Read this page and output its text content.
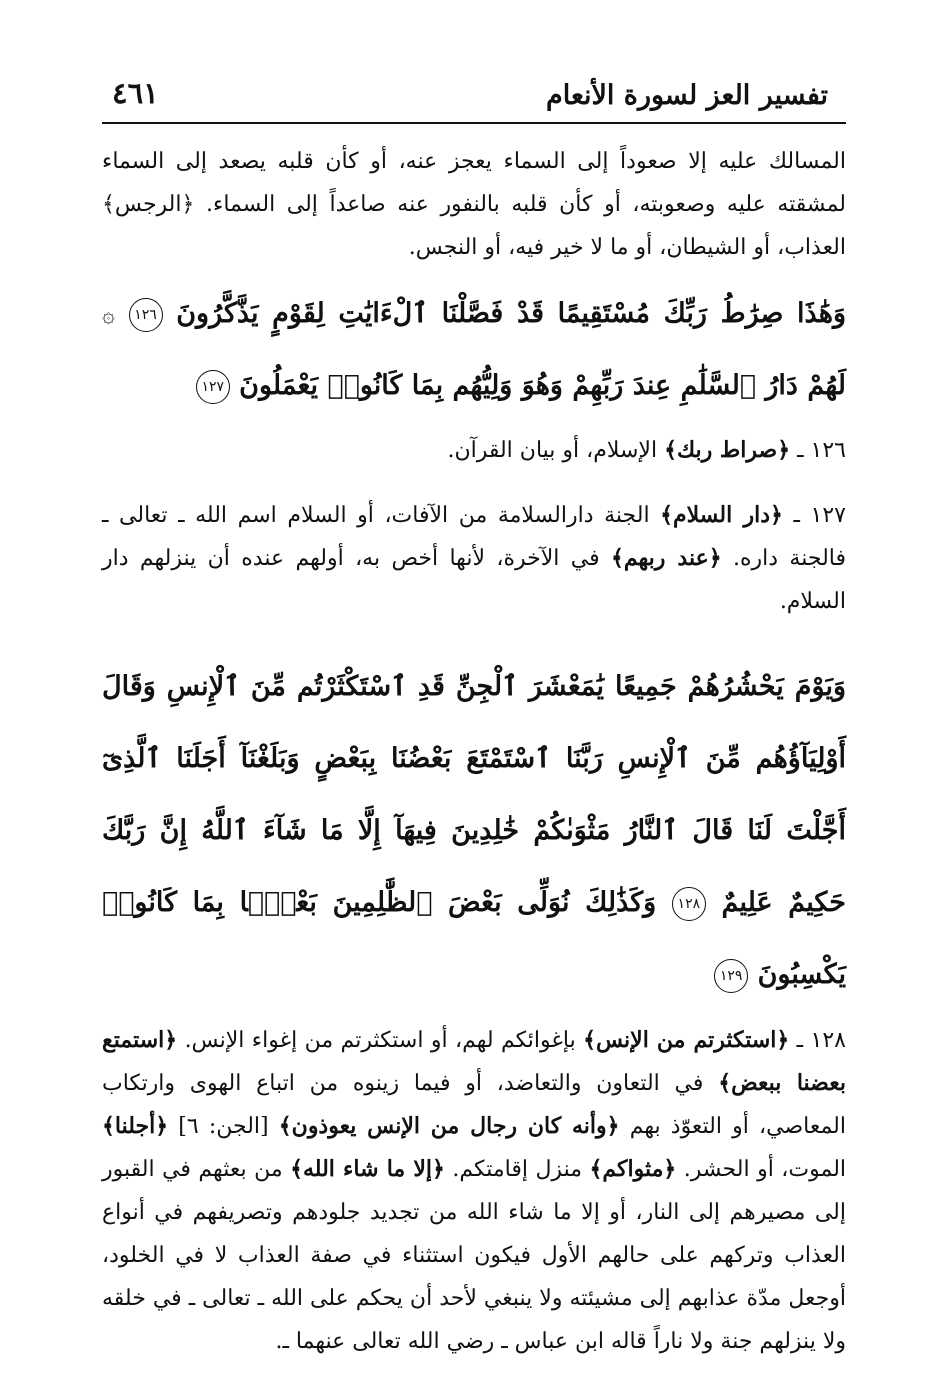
تفسير العز لسورة الأنعام
٤٦١

المسالك عليه إلا صعوداً إلى السماء يعجز عنه، أو كأن قلبه يصعد إلى السماء لمشقته عليه وصعوبته، أو كأن قلبه بالنفور عنه صاعداً إلى السماء. ﴿الرجس﴾ العذاب، أو الشيطان، أو ما لا خير فيه، أو النجس.

وَهَٰذَا صِرَٰطُ رَبِّكَ مُسْتَقِيمًا قَدْ فَصَّلْنَا ٱلْءَايَٰتِ لِقَوْمٍ يَذَّكَّرُونَ ١٢٦ ۞ لَهُمْ دَارُ ٱلسَّلَٰمِ عِندَ رَبِّهِمْ وَهُوَ وَلِيُّهُم بِمَا كَانُوا۟ يَعْمَلُونَ ١٢٧

١٢٦ ـ ﴿صراط ربك﴾ الإسلام، أو بيان القرآن.

١٢٧ ـ ﴿دار السلام﴾ الجنة دارالسلامة من الآفات، أو السلام اسم الله ـ تعالى ـ فالجنة داره. ﴿عند ربهم﴾ في الآخرة، لأنها أخص به، أولهم عنده أن ينزلهم دار السلام.

وَيَوْمَ يَحْشُرُهُمْ جَمِيعًا يَٰمَعْشَرَ ٱلْجِنِّ قَدِ ٱسْتَكْثَرْتُم مِّنَ ٱلْإِنسِ وَقَالَ أَوْلِيَآؤُهُم مِّنَ ٱلْإِنسِ رَبَّنَا ٱسْتَمْتَعَ بَعْضُنَا بِبَعْضٍ وَبَلَغْنَآ أَجَلَنَا ٱلَّذِىٓ أَجَّلْتَ لَنَا قَالَ ٱلنَّارُ مَثْوَىٰكُمْ خَٰلِدِينَ فِيهَآ إِلَّا مَا شَآءَ ٱللَّهُ إِنَّ رَبَّكَ حَكِيمٌ عَلِيمٌ ١٢٨ وَكَذَٰلِكَ نُوَلِّى بَعْضَ ٱلظَّٰلِمِينَ بَعْضًۢا بِمَا كَانُوا۟ يَكْسِبُونَ ١٢٩

١٢٨ ـ ﴿استكثرتم من الإنس﴾ بإغوائكم لهم، أو استكثرتم من إغواء الإنس. ﴿استمتع بعضنا ببعض﴾ في التعاون والتعاضد، أو فيما زينوه من اتباع الهوى وارتكاب المعاصي، أو التعوّذ بهم ﴿وأنه كان رجال من الإنس يعوذون﴾ [الجن: ٦] ﴿أجلنا﴾ الموت، أو الحشر. ﴿مثواكم﴾ منزل إقامتكم. ﴿إلا ما شاء الله﴾ من بعثهم في القبور إلى مصيرهم إلى النار، أو إلا ما شاء الله من تجديد جلودهم وتصريفهم في أنواع العذاب وتركهم على حالهم الأول فيكون استثناء في صفة العذاب لا في الخلود، أوجعل مدّة عذابهم إلى مشيئته ولا ينبغي لأحد أن يحكم على الله ـ تعالى ـ في خلقه ولا ينزلهم جنة ولا ناراً قاله ابن عباس ـ رضي الله تعالى عنهما ـ.
